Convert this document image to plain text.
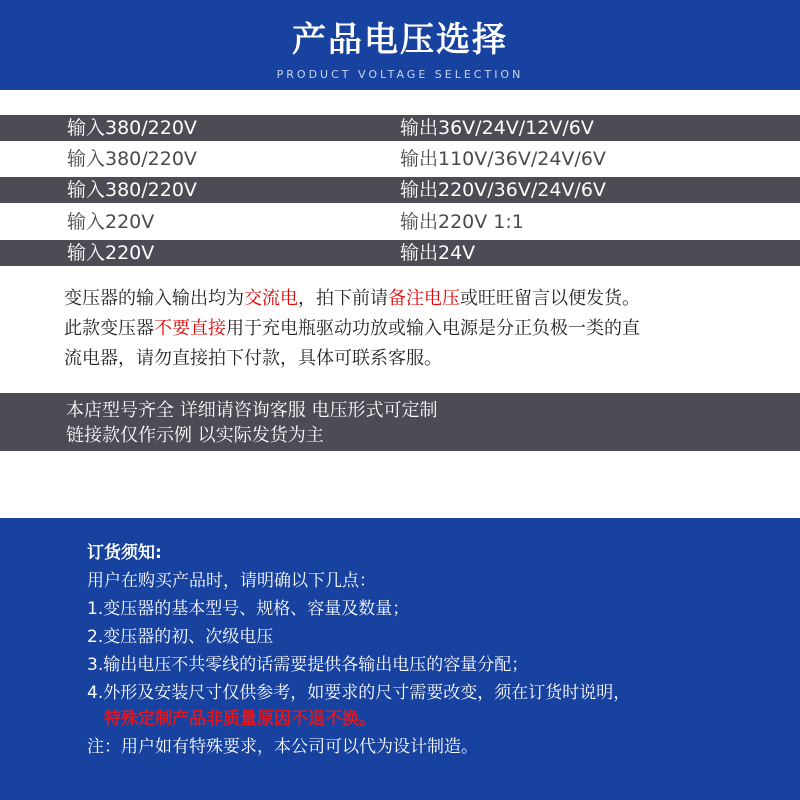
产品电压选择
PRODUCT VOLTAGE SELECTION
输入380/220V	输出36V/24V/12V/6V
输入380/220V	输出110V/36V/24V/6V
输入380/220V	输出220V/36V/24V/6V
输入220V	输出220V 1:1
输入220V	输出24V
变压器的输入输出均为交流电，拍下前请备注电压或旺旺留言以便发货。
此款变压器不要直接用于充电瓶驱动功放或输入电源是分正负极一类的直
流电器，请勿直接拍下付款，具体可联系客服。
本店型号齐全 详细请咨询客服 电压形式可定制
链接款仅作示例 以实际发货为主
订货须知:
用户在购买产品时，请明确以下几点：
1.变压器的基本型号、规格、容量及数量；
2.变压器的初、次级电压
3.输出电压不共零线的话需要提供各输出电压的容量分配；
4.外形及安装尺寸仅供参考，如要求的尺寸需要改变，须在订货时说明，
特殊定制产品非质量原因不退不换。
注：用户如有特殊要求，本公司可以代为设计制造。
